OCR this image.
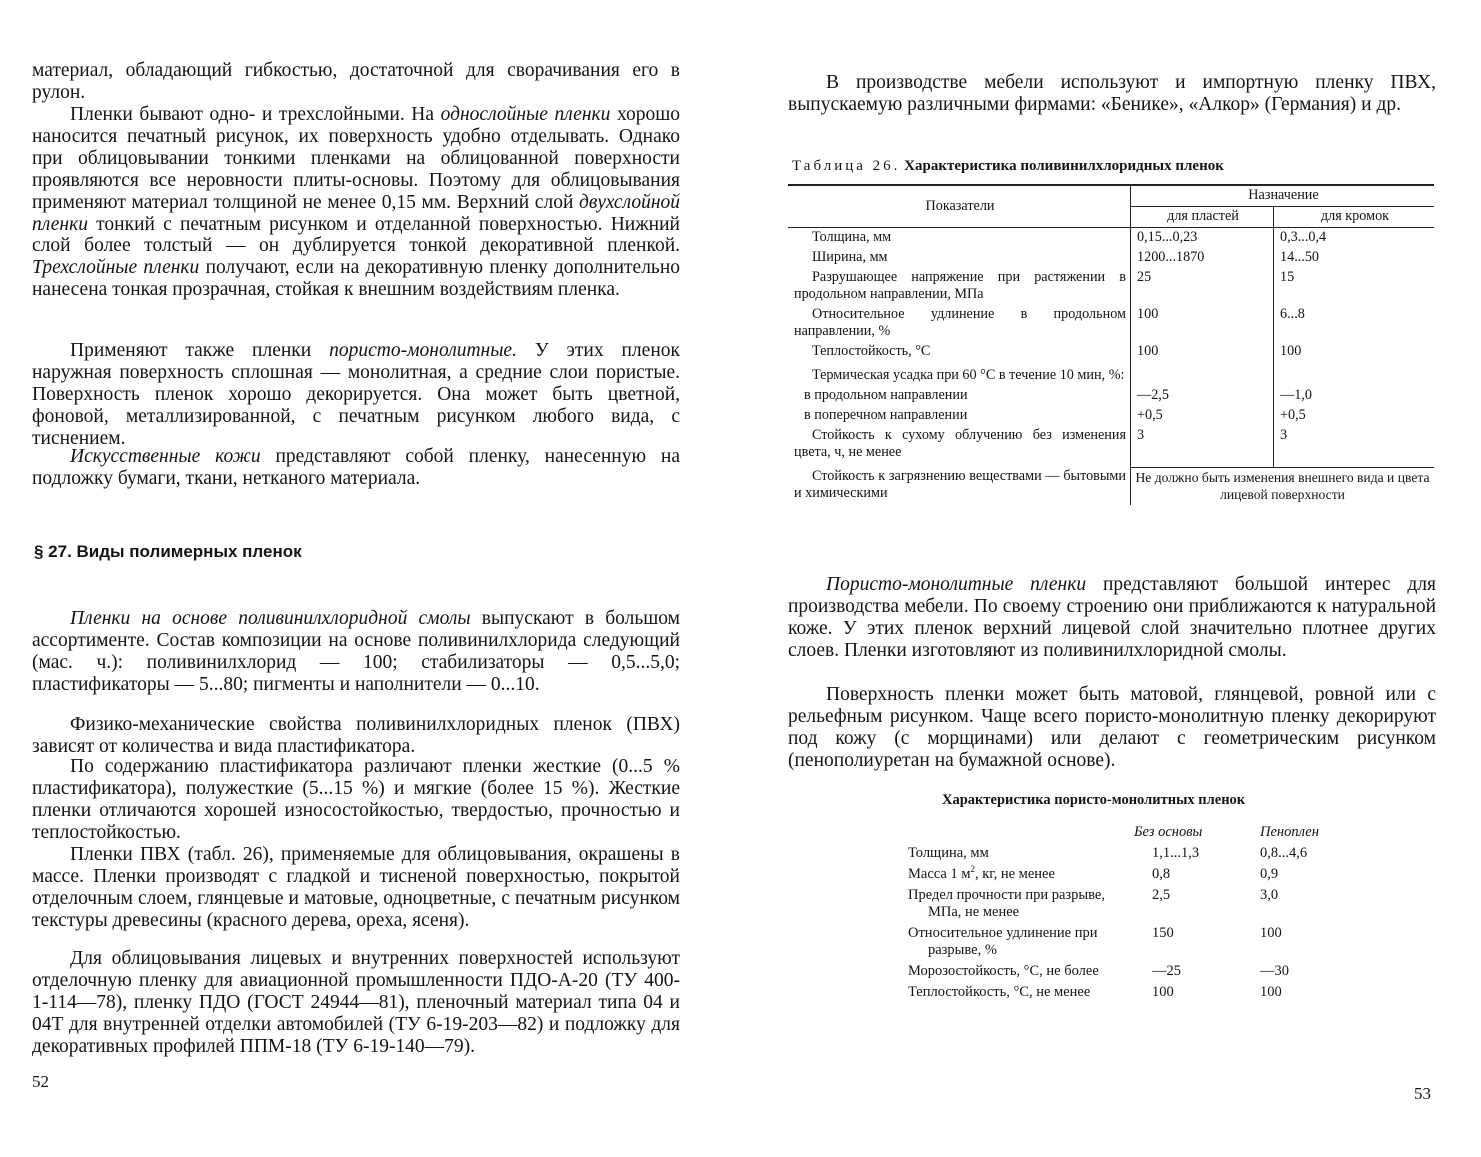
материал, обладающий гибкостью, достаточной для сворачивания его в рулон.

Пленки бывают одно- и трехслойными. На однослойные пленки хорошо наносится печатный рисунок, их поверхность удобно отделывать. Однако при облицовывании тонкими пленками на облицованной поверхности проявляются все неровности плиты-основы. Поэтому для облицовывания применяют материал толщиной не менее 0,15 мм. Верхний слой двухслойной пленки тонкий с печатным рисунком и отделанной поверхностью. Нижний слой более толстый — он дублируется тонкой декоративной пленкой. Трехслойные пленки получают, если на декоративную пленку дополнительно нанесена тонкая прозрачная, стойкая к внешним воздействиям пленка.

Применяют также пленки пористо-монолитные. У этих пленок наружная поверхность сплошная — монолитная, а средние слои пористые. Поверхность пленок хорошо декорируется. Она может быть цветной, фоновой, металлизированной, с печатным рисунком любого вида, с тиснением.

Искусственные кожи представляют собой пленку, нанесенную на подложку бумаги, ткани, нетканого материала.

§ 27. Виды полимерных пленок

Пленки на основе поливинилхлоридной смолы выпускают в большом ассортименте. Состав композиции на основе поливинилхлорида следующий (мас. ч.): поливинилхлорид — 100; стабилизаторы — 0,5...5,0; пластификаторы — 5...80; пигменты и наполнители — 0...10.

Физико-механические свойства поливинилхлоридных пленок (ПВХ) зависят от количества и вида пластификатора.

По содержанию пластификатора различают пленки жесткие (0...5 % пластификатора), полужесткие (5...15 %) и мягкие (более 15 %). Жесткие пленки отличаются хорошей износостойкостью, твердостью, прочностью и теплостойкостью.

Пленки ПВХ (табл. 26), применяемые для облицовывания, окрашены в массе. Пленки производят с гладкой и тисненой поверхностью, покрытой отделочным слоем, глянцевые и матовые, одноцветные, с печатным рисунком текстуры древесины (красного дерева, ореха, ясеня).

Для облицовывания лицевых и внутренних поверхностей используют отделочную пленку для авиационной промышленности ПДО-А-20 (ТУ 400-1-114—78), пленку ПДО (ГОСТ 24944—81), пленочный материал типа 04 и 04Т для внутренней отделки автомобилей (ТУ 6-19-203—82) и подложку для декоративных профилей ППМ-18 (ТУ 6-19-140—79).

52

В производстве мебели используют и импортную пленку ПВХ, выпускаемую различными фирмами: «Бенике», «Алкор» (Германия) и др.

Таблица 26. Характеристика поливинилхлоридных пленок
Показатели	Назначение	
	для пластей	для кромок
Толщина, мм	0,15...0,23	0,3...0,4
Ширина, мм	1200...1870	14...50
Разрушающее напряжение при растяжении в продольном направлении, МПа	25	15
Относительное удлинение в продольном направлении, %	100	6...8
Теплостойкость, °С	100	100
Термическая усадка при 60 °С в течение 10 мин, %:		
в продольном направлении	—2,5	—1,0
в поперечном направлении	+0,5	+0,5
Стойкость к сухому облучению без изменения цвета, ч, не менее	3	3
Стойкость к загрязнению веществами — бытовыми и химическими	Не должно быть изменения внешнего вида и цвета лицевой поверхности	

Пористо-монолитные пленки представляют большой интерес для производства мебели. По своему строению они приближаются к натуральной коже. У этих пленок верхний лицевой слой значительно плотнее других слоев. Пленки изготовляют из поливинилхлоридной смолы.

Поверхность пленки может быть матовой, глянцевой, ровной или с рельефным рисунком. Чаще всего пористо-монолитную пленку декорируют под кожу (с морщинами) или делают с геометрическим рисунком (пенополиуретан на бумажной основе).

Характеристика пористо-монолитных пленок
	Без основы	Пеноплен
Толщина, мм	1,1...1,3	0,8...4,6
Масса 1 $м^2$, кг, не менее	0,8	0,9
Предел прочности при разрыве, МПа, не менее	2,5	3,0
Относительное удлинение при разрыве, %	150	100
Морозостойкость, °С, не более	—25	—30
Теплостойкость, °С, не менее	100	100
53
